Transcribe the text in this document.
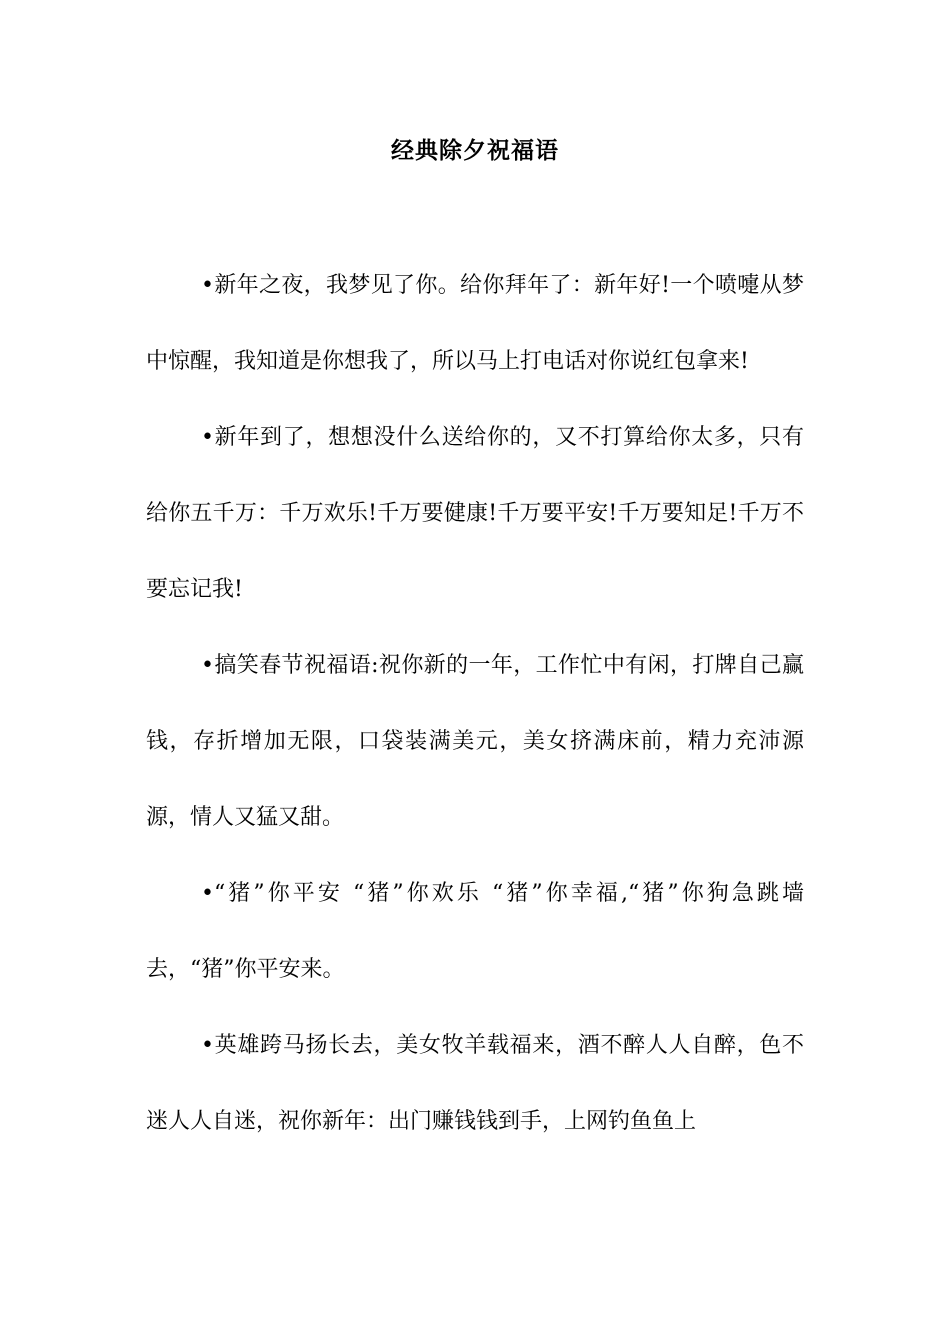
经典除夕祝福语

•新年之夜，我梦见了你。给你拜年了：新年好!一个喷嚏从梦中惊醒，我知道是你想我了，所以马上打电话对你说红包拿来!

•新年到了，想想没什么送给你的，又不打算给你太多，只有给你五千万：千万欢乐!千万要健康!千万要平安!千万要知足!千万不要忘记我!

•搞笑春节祝福语:祝你新的一年，工作忙中有闲，打牌自己赢钱，存折增加无限，口袋装满美元，美女挤满床前，精力充沛源源，情人又猛又甜。

•“猪”你平安 “猪”你欢乐 “猪”你幸福,“猪”你狗急跳墙去，“猪”你平安来。

•英雄跨马扬长去，美女牧羊载福来，酒不醉人人自醉，色不迷人人自迷，祝你新年：出门赚钱钱到手，上网钓鱼鱼上
